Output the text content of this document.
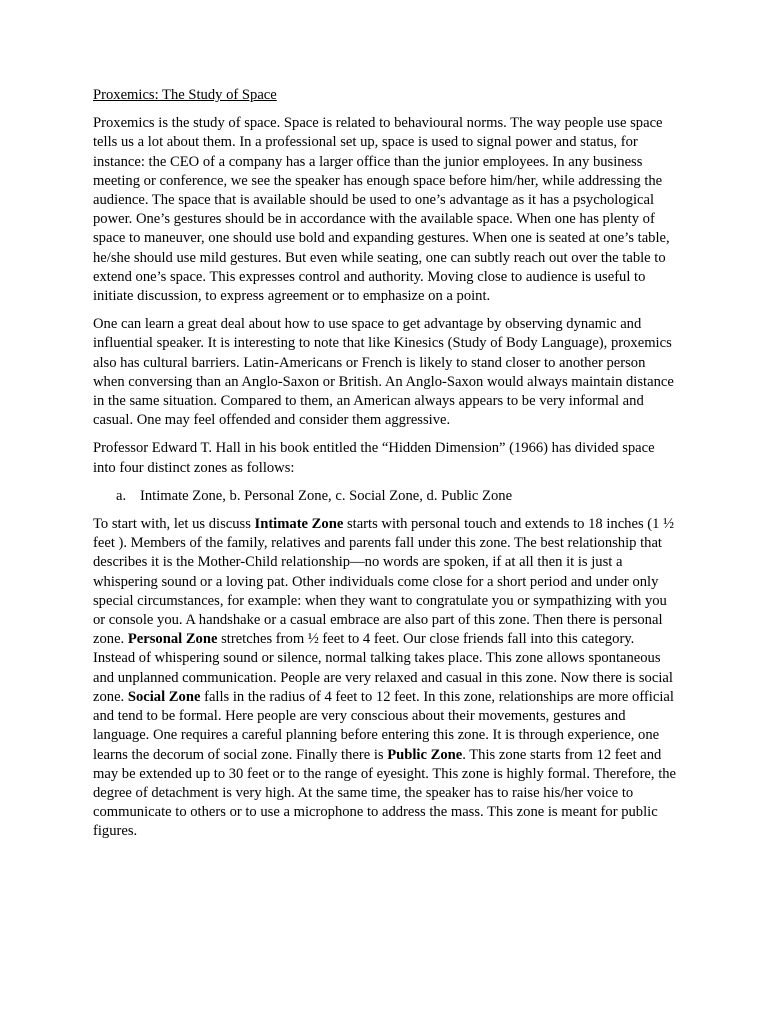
Proxemics: The Study of Space

Proxemics is the study of space. Space is related to behavioural norms. The way people use space tells us a lot about them. In a professional set up, space is used to signal power and status, for instance: the CEO of a company has a larger office than the junior employees. In any business meeting or conference, we see the speaker has enough space before him/her, while addressing the audience. The space that is available should be used to one’s advantage as it has a psychological power. One’s gestures should be in accordance with the available space. When one has plenty of space to maneuver, one should use bold and expanding gestures. When one is seated at one’s table, he/she should use mild gestures. But even while seating, one can subtly reach out over the table to extend one’s space. This expresses control and authority. Moving close to audience is useful to initiate discussion, to express agreement or to emphasize on a point.

One can learn a great deal about how to use space to get advantage by observing dynamic and influential speaker. It is interesting to note that like Kinesics (Study of Body Language), proxemics also has cultural barriers. Latin-Americans or French is likely to stand closer to another person when conversing than an Anglo-Saxon or British. An Anglo-Saxon would always maintain distance in the same situation. Compared to them, an American always appears to be very informal and casual. One may feel offended and consider them aggressive.

Professor Edward T. Hall in his book entitled the “Hidden Dimension” (1966) has divided space into four distinct zones as follows:

a. Intimate Zone, b. Personal Zone, c. Social Zone, d. Public Zone

To start with, let us discuss Intimate Zone starts with personal touch and extends to 18 inches (1 ½ feet ). Members of the family, relatives and parents fall under this zone. The best relationship that describes it is the Mother-Child relationship—no words are spoken, if at all then it is just a whispering sound or a loving pat. Other individuals come close for a short period and under only special circumstances, for example: when they want to congratulate you or sympathizing with you or console you. A handshake or a casual embrace are also part of this zone. Then there is personal zone. Personal Zone stretches from ½ feet to 4 feet. Our close friends fall into this category. Instead of whispering sound or silence, normal talking takes place. This zone allows spontaneous and unplanned communication. People are very relaxed and casual in this zone. Now there is social zone. Social Zone falls in the radius of 4 feet to 12 feet. In this zone, relationships are more official and tend to be formal. Here people are very conscious about their movements, gestures and language. One requires a careful planning before entering this zone. It is through experience, one learns the decorum of social zone. Finally there is Public Zone. This zone starts from 12 feet and may be extended up to 30 feet or to the range of eyesight. This zone is highly formal. Therefore, the degree of detachment is very high. At the same time, the speaker has to raise his/her voice to communicate to others or to use a microphone to address the mass. This zone is meant for public figures.
